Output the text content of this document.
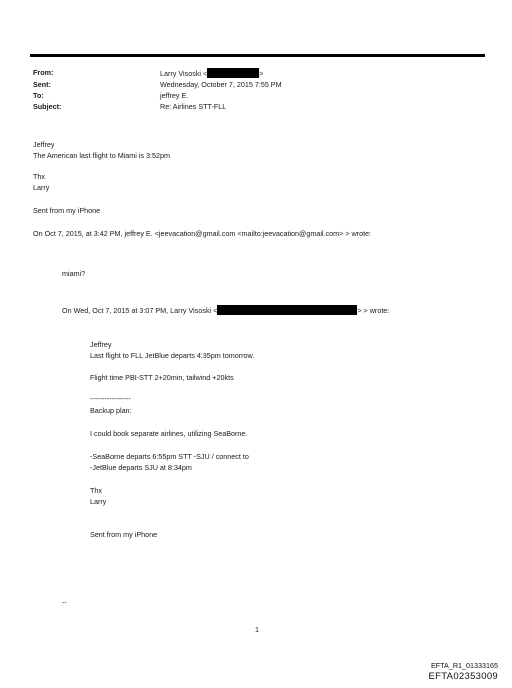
From:	Larry Visoski <	>
Sent:	Wednesday, October 7, 2015 7:55 PM
To:	jeffrey E.
Subject:	Re: Airlines STT-FLL
Jeffrey
The American last flight to Miami is 3:52pm
Thx
Larry
Sent from my iPhone
On Oct 7, 2015, at 3:42 PM, jeffrey E. <jeevacation@gmail.com <mailto:jeevacation@gmail.com> > wrote:
miami?
On Wed, Oct 7, 2015 at 3:07 PM, Larry Visoski <	> > wrote:
Jeffrey
Last flight to FLL JetBlue departs 4:35pm tomorrow.
Flight time PBI-STT 2+20min, tailwind +20kts
-----------------
Backup plan:
I could book separate airlines, utilizing SeaBorne.
-SeaBorne departs 6:55pm STT -SJU / connect to
-JetBlue departs SJU at 8:34pm
Thx
Larry
Sent from my iPhone
--
1
EFTA_R1_01333165
EFTA02353009
